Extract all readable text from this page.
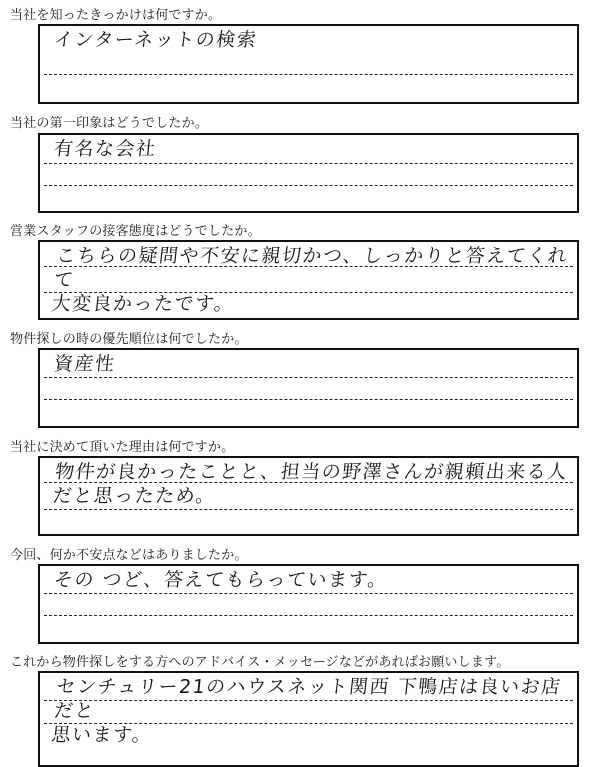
当社を知ったきっかけは何ですか。
インターネットの検索
当社の第一印象はどうでしたか。
有名な会社
営業スタッフの接客態度はどうでしたか。
こちらの疑問や不安に親切かつ、しっかりと答えてくれて
大変良かったです。
物件探しの時の優先順位は何でしたか。
資産性
当社に決めて頂いた理由は何ですか。
物件が良かったことと、担当の野澤さんが親頼出来る人
だと思ったため。
今回、何か不安点などはありましたか。
その つど、答えてもらっています。
これから物件探しをする方へのアドバイス・メッセージなどがあればお願いします。
センチュリー21のハウスネット関西 下鴨店は良いお店だと
思います。
